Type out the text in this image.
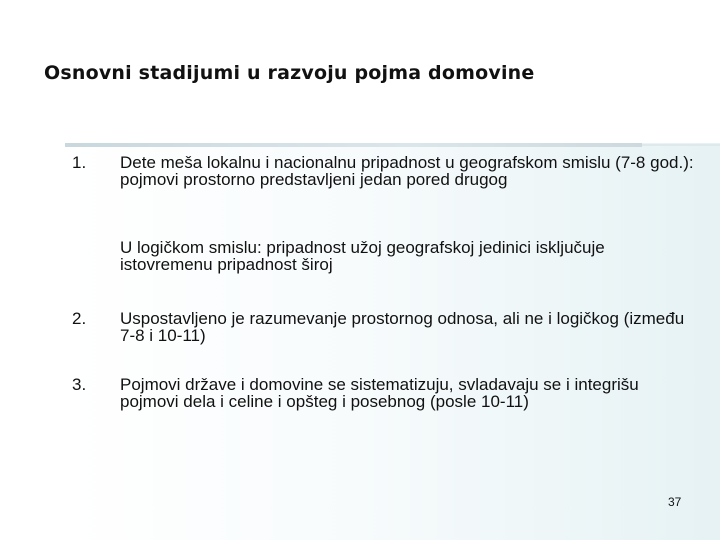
Osnovni stadijumi u razvoju pojma domovine
1. Dete meša lokalnu i nacionalnu pripadnost u geografskom smislu (7-8 god.): pojmovi prostorno predstavljeni jedan pored drugog
U logičkom smislu: pripadnost užoj geografskoj jedinici isključuje istovremenu pripadnost široj
2. Uspostavljeno je razumevanje prostornog odnosa, ali ne i logičkog (između 7-8 i 10-11)
3. Pojmovi države i domovine se sistematizuju, svladavaju se i integrišu pojmovi dela i celine i opšteg i posebnog (posle 10-11)
37
